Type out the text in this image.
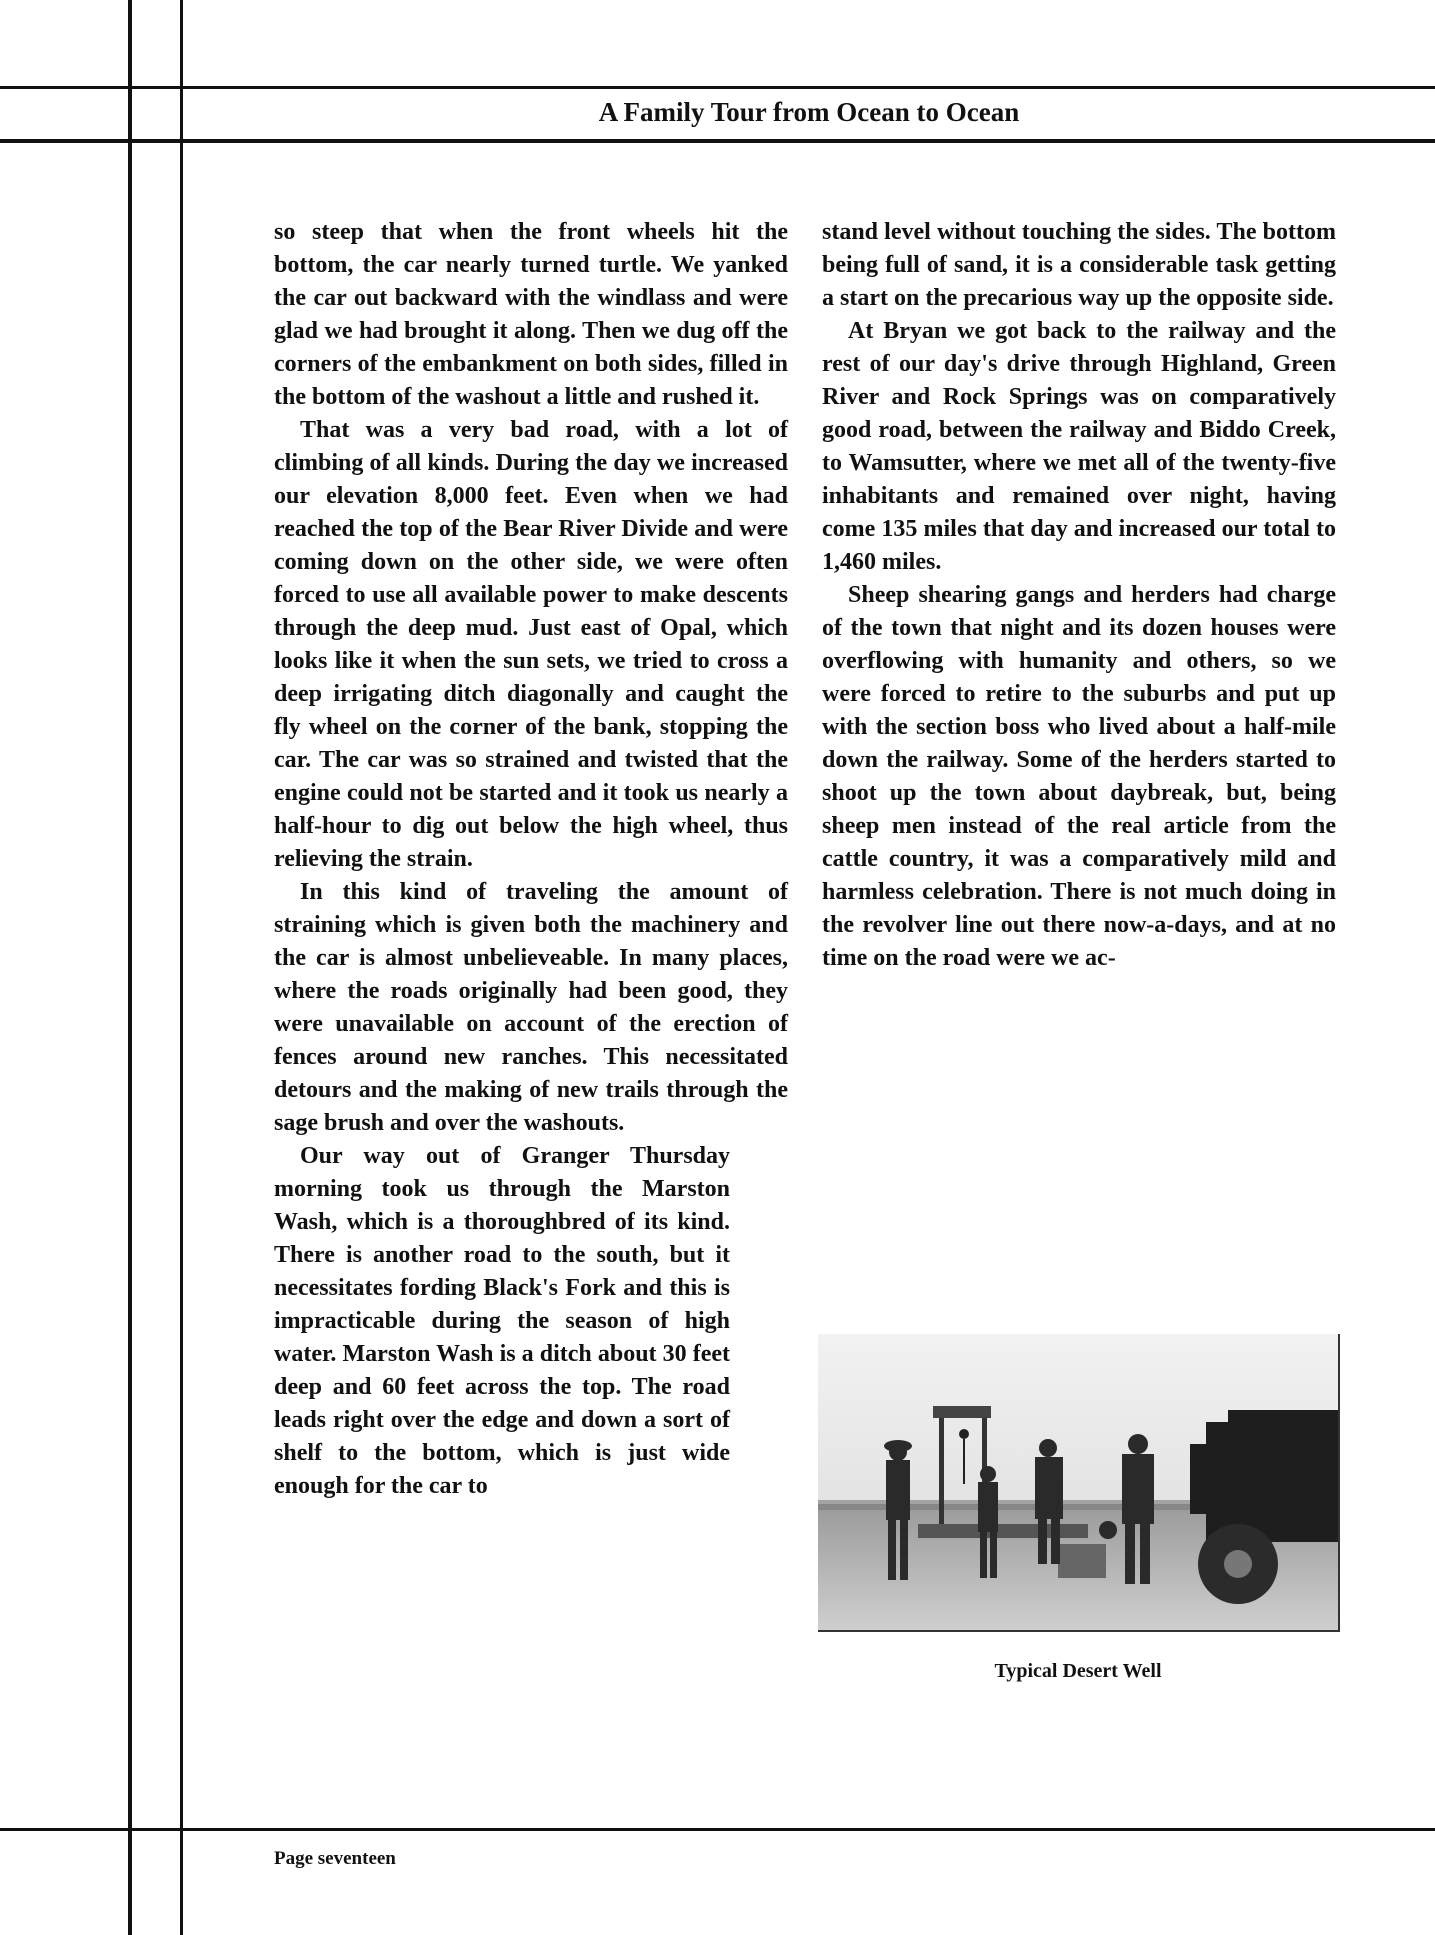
A Family Tour from Ocean to Ocean

so steep that when the front wheels hit the bottom, the car nearly turned turtle. We yanked the car out backward with the windlass and were glad we had brought it along. Then we dug off the corners of the embankment on both sides, filled in the bottom of the washout a little and rushed it.

That was a very bad road, with a lot of climbing of all kinds. During the day we increased our elevation 8,000 feet. Even when we had reached the top of the Bear River Divide and were coming down on the other side, we were often forced to use all available power to make descents through the deep mud. Just east of Opal, which looks like it when the sun sets, we tried to cross a deep irrigating ditch diagonally and caught the fly wheel on the corner of the bank, stopping the car. The car was so strained and twisted that the engine could not be started and it took us nearly a half-hour to dig out below the high wheel, thus relieving the strain.

In this kind of traveling the amount of straining which is given both the machinery and the car is almost unbelieveable. In many places, where the roads originally had been good, they were unavailable on account of the erection of fences around new ranches. This necessitated detours and the making of new trails through the sage brush and over the washouts.

Our way out of Granger Thursday morning took us through the Marston Wash, which is a thoroughbred of its kind. There is another road to the south, but it necessitates fording Black's Fork and this is impracticable during the season of high water. Marston Wash is a ditch about 30 feet deep and 60 feet across the top. The road leads right over the edge and down a sort of shelf to the bottom, which is just wide enough for the car to

stand level without touching the sides. The bottom being full of sand, it is a considerable task getting a start on the precarious way up the opposite side.

At Bryan we got back to the railway and the rest of our day's drive through Highland, Green River and Rock Springs was on comparatively good road, between the railway and Biddo Creek, to Wamsutter, where we met all of the twenty-five inhabitants and remained over night, having come 135 miles that day and increased our total to 1,460 miles.

Sheep shearing gangs and herders had charge of the town that night and its dozen houses were overflowing with humanity and others, so we were forced to retire to the suburbs and put up with the section boss who lived about a half-mile down the railway. Some of the herders started to shoot up the town about daybreak, but, being sheep men instead of the real article from the cattle country, it was a comparatively mild and harmless celebration. There is not much doing in the revolver line out there now-a-days, and at no time on the road were we ac-

Typical Desert Well
Page seventeen
